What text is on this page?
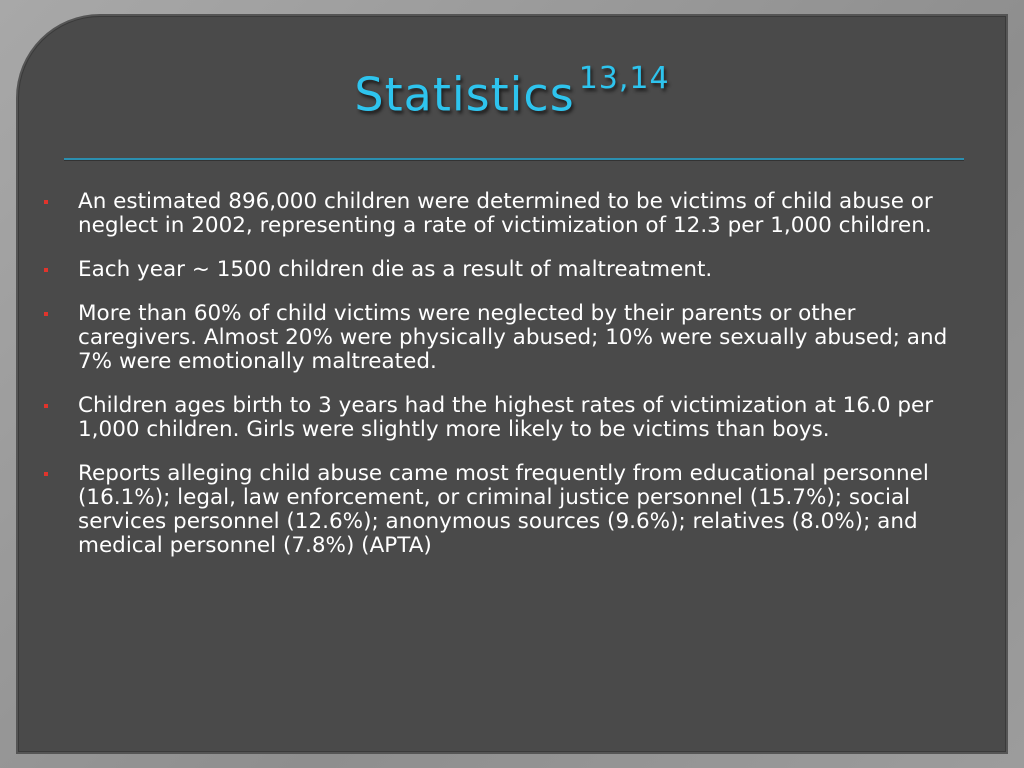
Statistics $^{13,14}$
An estimated 896,000 children were determined to be victims of child abuse or neglect in 2002, representing a rate of victimization of 12.3 per 1,000 children.
Each year ~ 1500 children die as a result of maltreatment.
More than 60% of child victims were neglected by their parents or other caregivers. Almost 20% were physically abused; 10% were sexually abused; and 7% were emotionally maltreated.
Children ages birth to 3 years had the highest rates of victimization at 16.0 per 1,000 children. Girls were slightly more likely to be victims than boys.
Reports alleging child abuse came most frequently from educational personnel (16.1%); legal, law enforcement, or criminal justice personnel (15.7%); social services personnel (12.6%); anonymous sources (9.6%); relatives (8.0%); and medical personnel (7.8%) (APTA)
